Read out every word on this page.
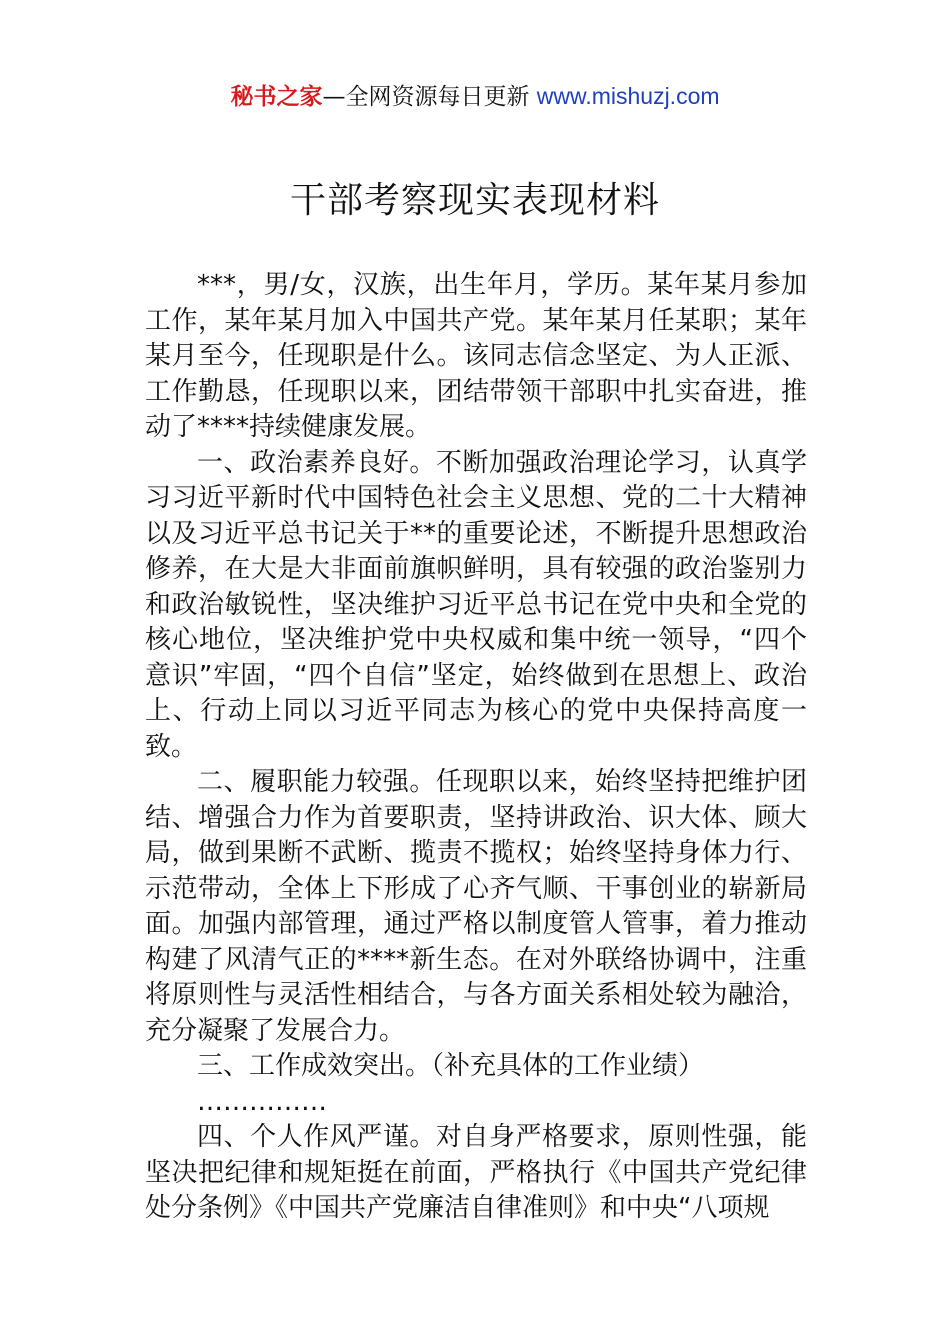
秘书之家—全网资源每日更新 www.mishuzj.com
干部考察现实表现材料

***，男/女，汉族，出生年月，学历。某年某月参加工作，某年某月加入中国共产党。某年某月任某职；某年某月至今，任现职是什么。该同志信念坚定、为人正派、工作勤恳，任现职以来，团结带领干部职中扎实奋进，推动了****持续健康发展。

一、政治素养良好。不断加强政治理论学习，认真学习习近平新时代中国特色社会主义思想、党的二十大精神以及习近平总书记关于**的重要论述，不断提升思想政治修养，在大是大非面前旗帜鲜明，具有较强的政治鉴别力和政治敏锐性，坚决维护习近平总书记在党中央和全党的核心地位，坚决维护党中央权威和集中统一领导，“四个意识”牢固，“四个自信”坚定，始终做到在思想上、政治上、行动上同以习近平同志为核心的党中央保持高度一致。

二、履职能力较强。任现职以来，始终坚持把维护团结、增强合力作为首要职责，坚持讲政治、识大体、顾大局，做到果断不武断、揽责不揽权；始终坚持身体力行、示范带动，全体上下形成了心齐气顺、干事创业的崭新局面。加强内部管理，通过严格以制度管人管事，着力推动构建了风清气正的****新生态。在对外联络协调中，注重将原则性与灵活性相结合，与各方面关系相处较为融洽，充分凝聚了发展合力。

三、工作成效突出。（补充具体的工作业绩）

……………

四、个人作风严谨。对自身严格要求，原则性强，能坚决把纪律和规矩挺在前面，严格执行《中国共产党纪律处分条例》《中国共产党廉洁自律准则》和中央“八项规
